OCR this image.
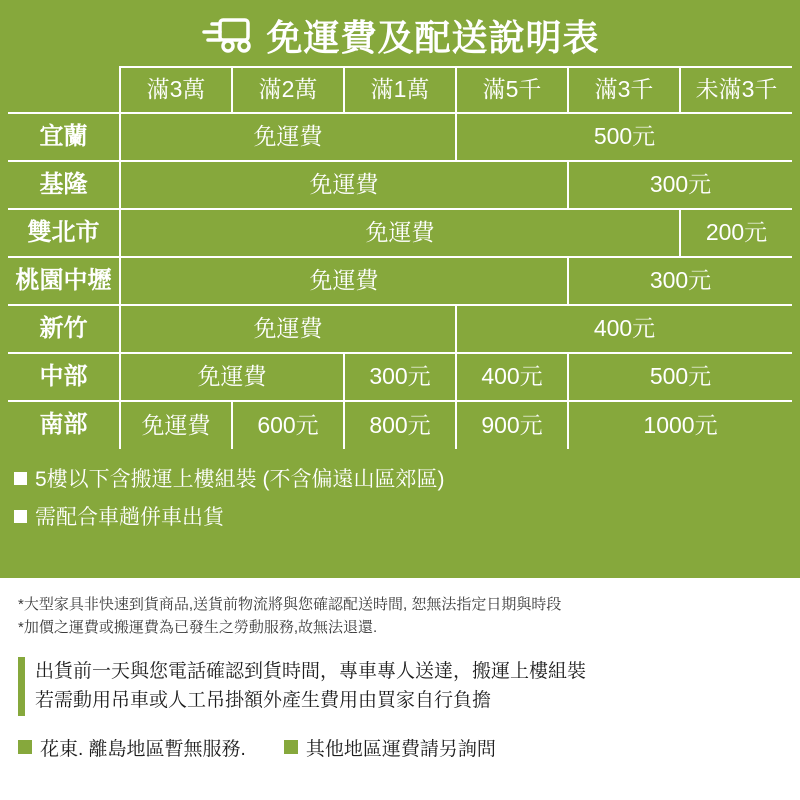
免運費及配送說明表
	滿3萬	滿2萬	滿1萬	滿5千	滿3千	未滿3千
宜蘭	免運費			500元		
基隆	免運費				300元	
雙北市	免運費					200元
桃園中壢	免運費				300元	
新竹	免運費			400元		
中部	免運費		300元	400元	500元	
南部	免運費	600元	800元	900元	1000元	
5樓以下含搬運上樓組裝 (不含偏遠山區郊區)
需配合車趟併車出貨
*大型家具非快速到貨商品,送貨前物流將與您確認配送時間, 恕無法指定日期與時段
*加價之運費或搬運費為已發生之勞動服務,故無法退還.
出貨前一天與您電話確認到貨時間，專車專人送達，搬運上樓組裝
若需動用吊車或人工吊掛額外產生費用由買家自行負擔
花東. 離島地區暫無服務.	其他地區運費請另詢問
